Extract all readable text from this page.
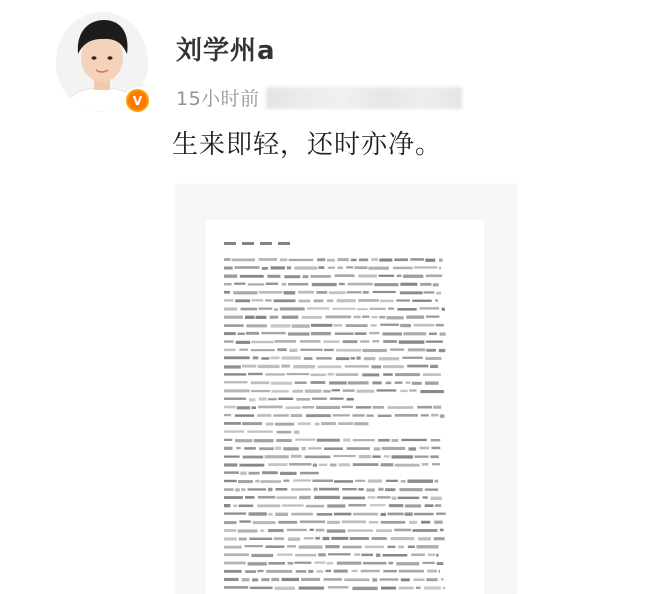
V
刘学州a
15小时前
生来即轻，还时亦净。
